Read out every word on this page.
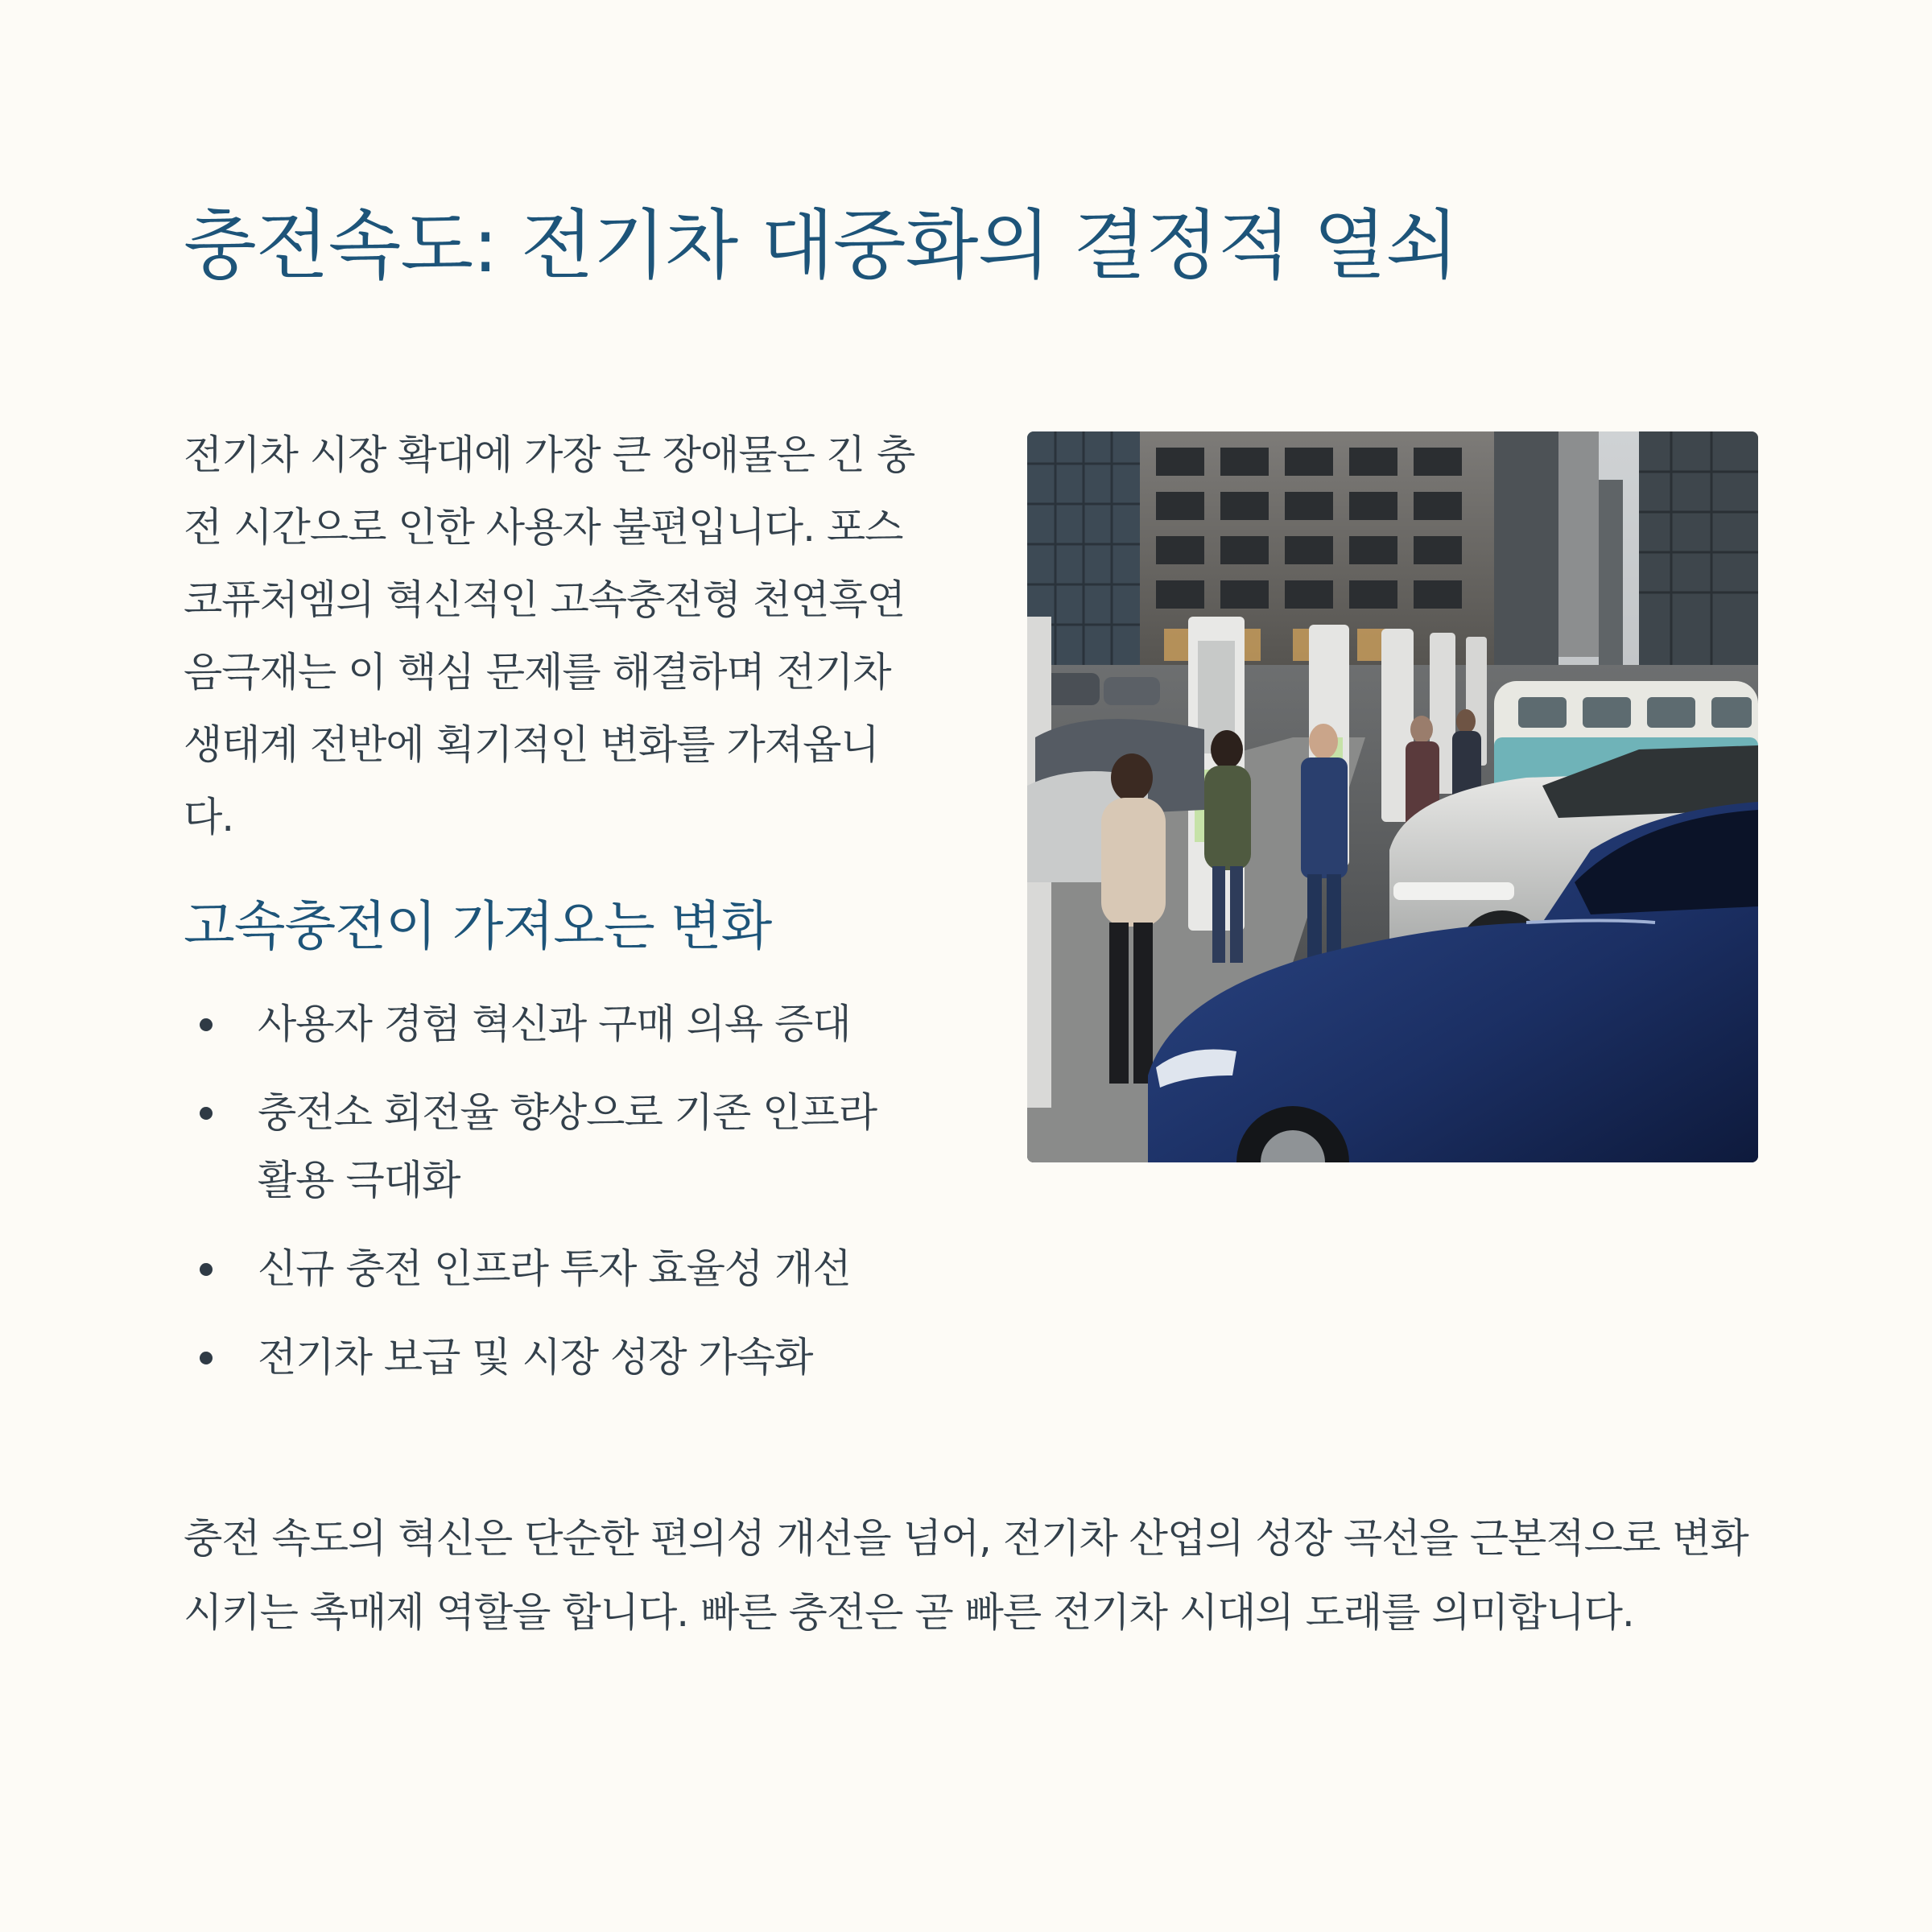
충전속도: 전기차 대중화의 결정적 열쇠

전기차 시장 확대에 가장 큰 장애물은 긴 충전 시간으로 인한 사용자 불편입니다. 포스코퓨처엠의 혁신적인 고속충전형 천연흑연 음극재는 이 핵심 문제를 해결하며 전기차 생태계 전반에 획기적인 변화를 가져옵니다.

고속충전이 가져오는 변화
사용자 경험 혁신과 구매 의욕 증대
충전소 회전율 향상으로 기존 인프라 활용 극대화
신규 충전 인프라 투자 효율성 개선
전기차 보급 및 시장 성장 가속화

충전 속도의 혁신은 단순한 편의성 개선을 넘어, 전기차 산업의 성장 곡선을 근본적으로 변화시키는 촉매제 역할을 합니다. 빠른 충전은 곧 빠른 전기차 시대의 도래를 의미합니다.
